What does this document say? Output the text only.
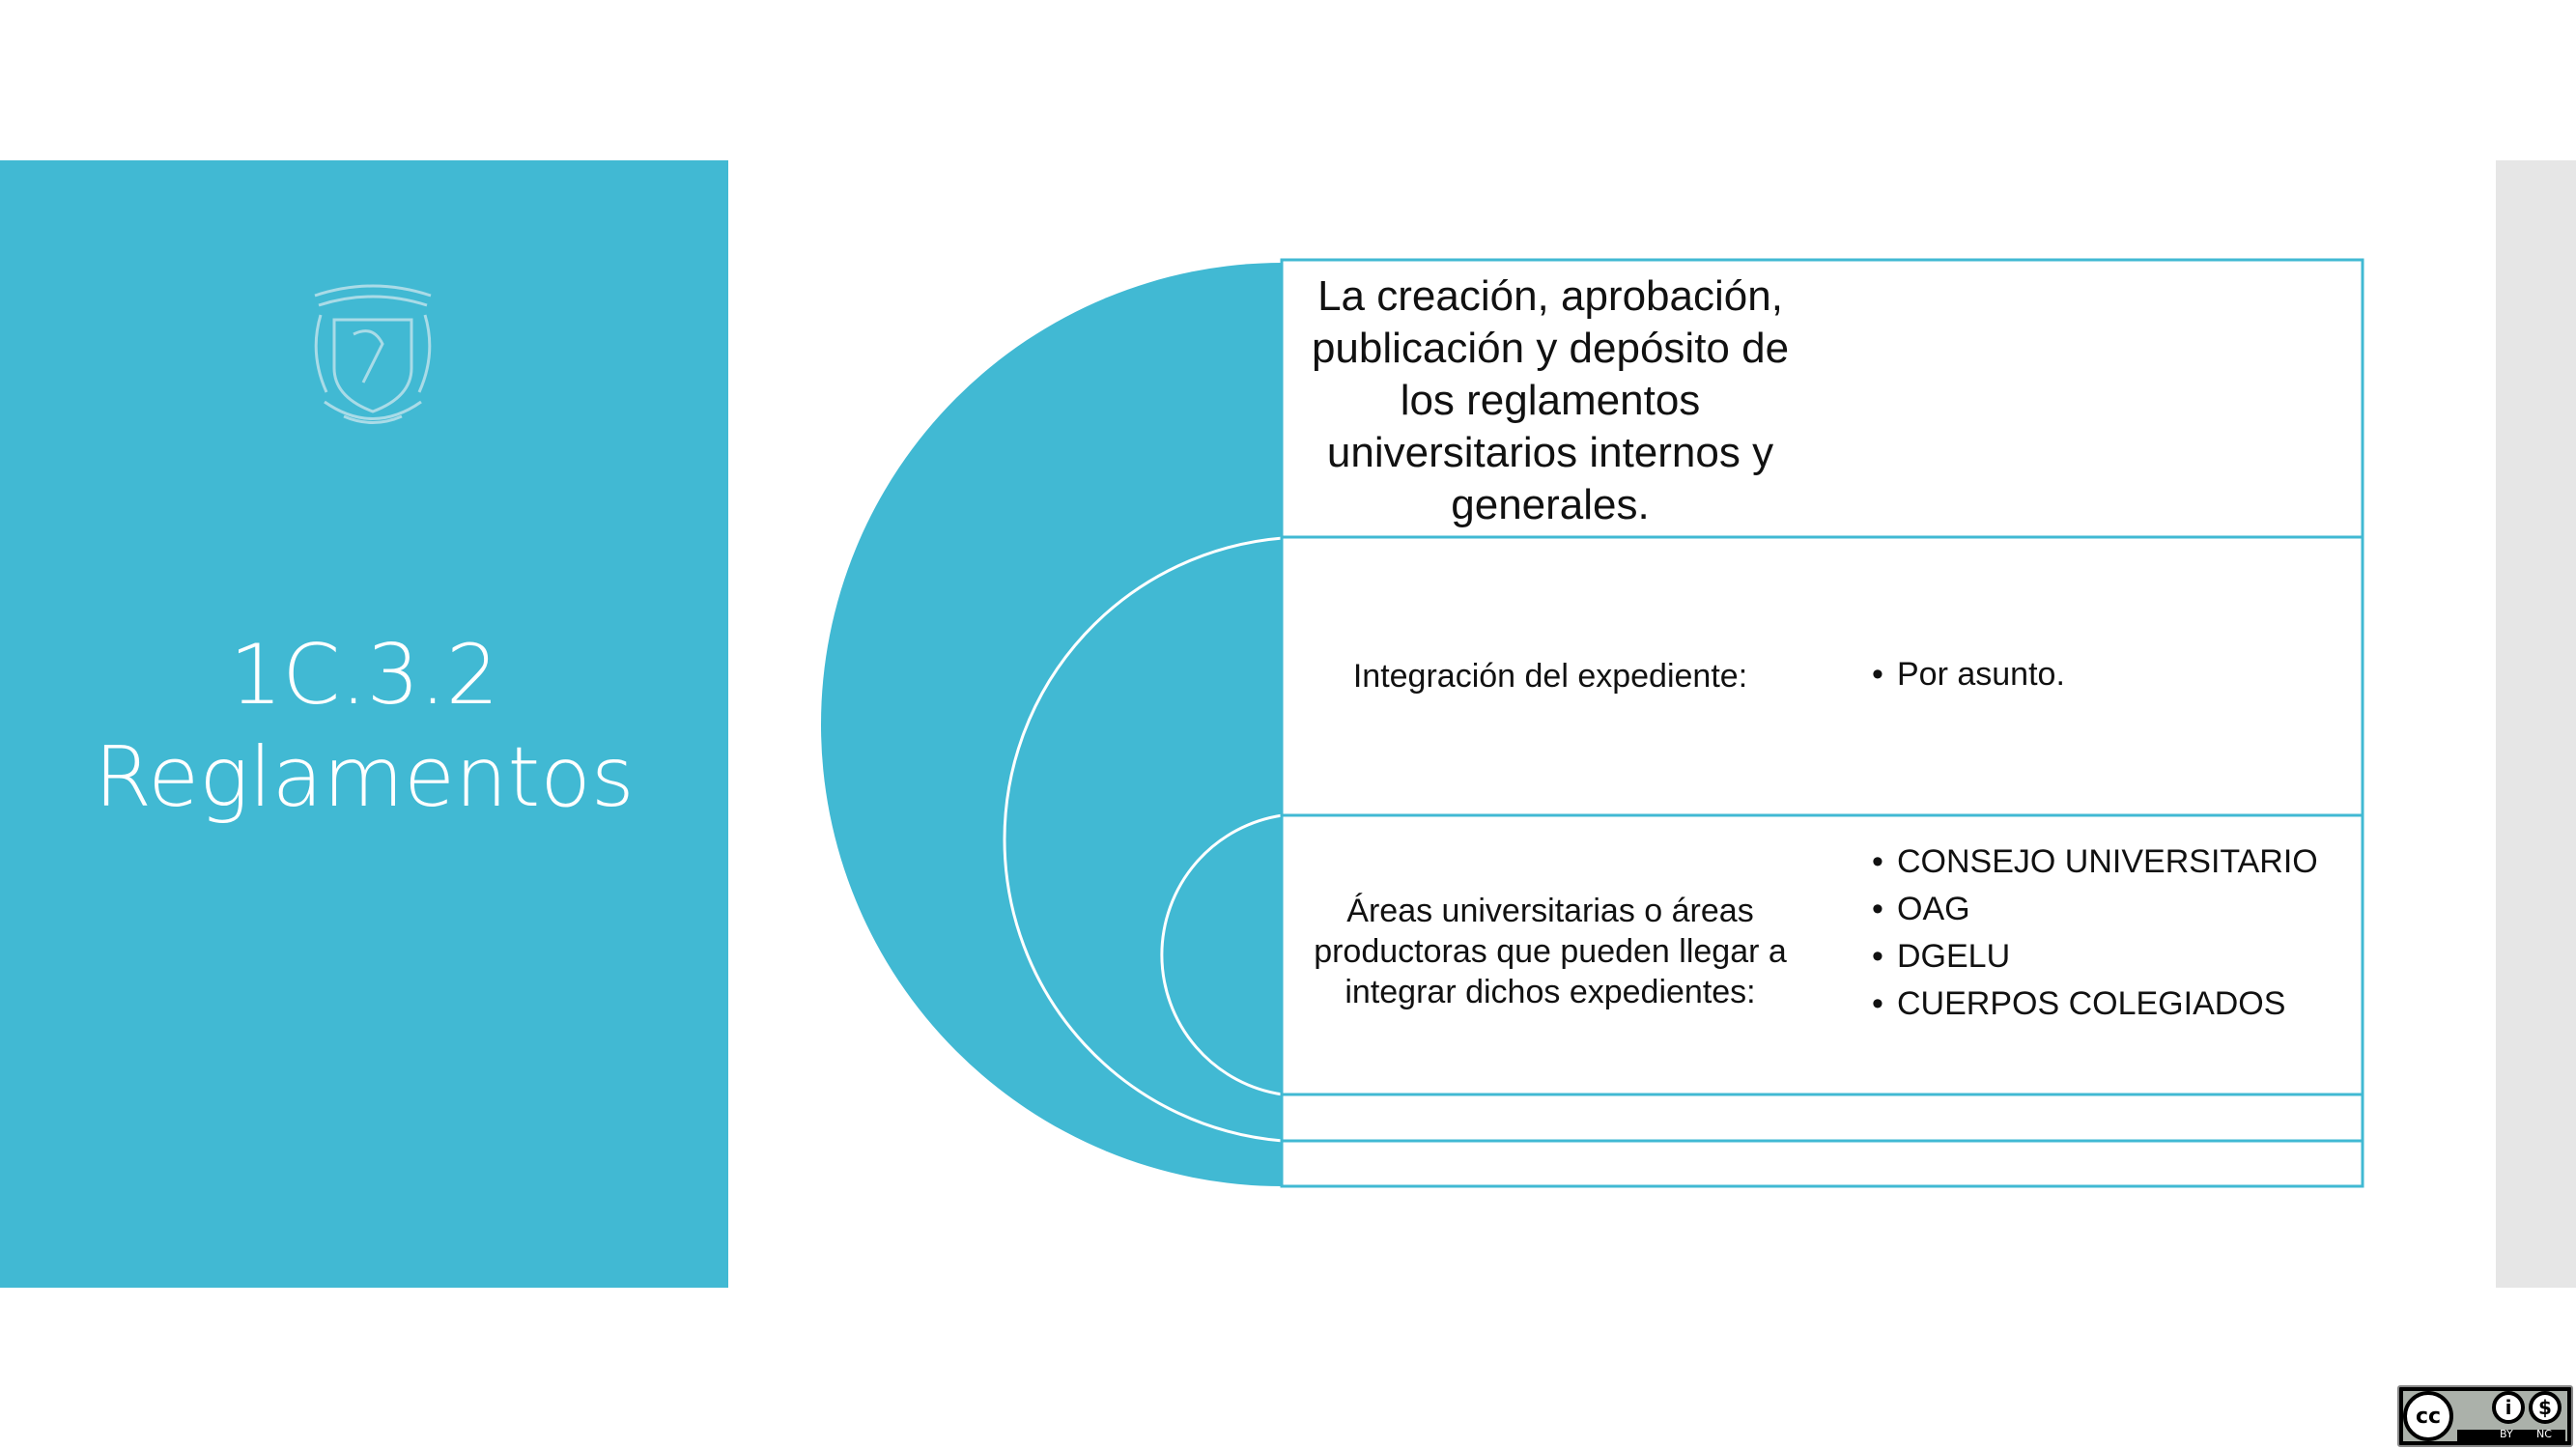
1C.3.2
Reglamentos
La creación, aprobación, publicación y depósito de los reglamentos universitarios internos y generales.
Integración del expediente:
•	Por asunto.
Áreas universitarias o áreas productoras que pueden llegar a integrar dichos expedientes:
• CONSEJO UNIVERSITARIO
• OAG
• DGELU
• CUERPOS COLEGIADOS
cc	i	$
BY NC
